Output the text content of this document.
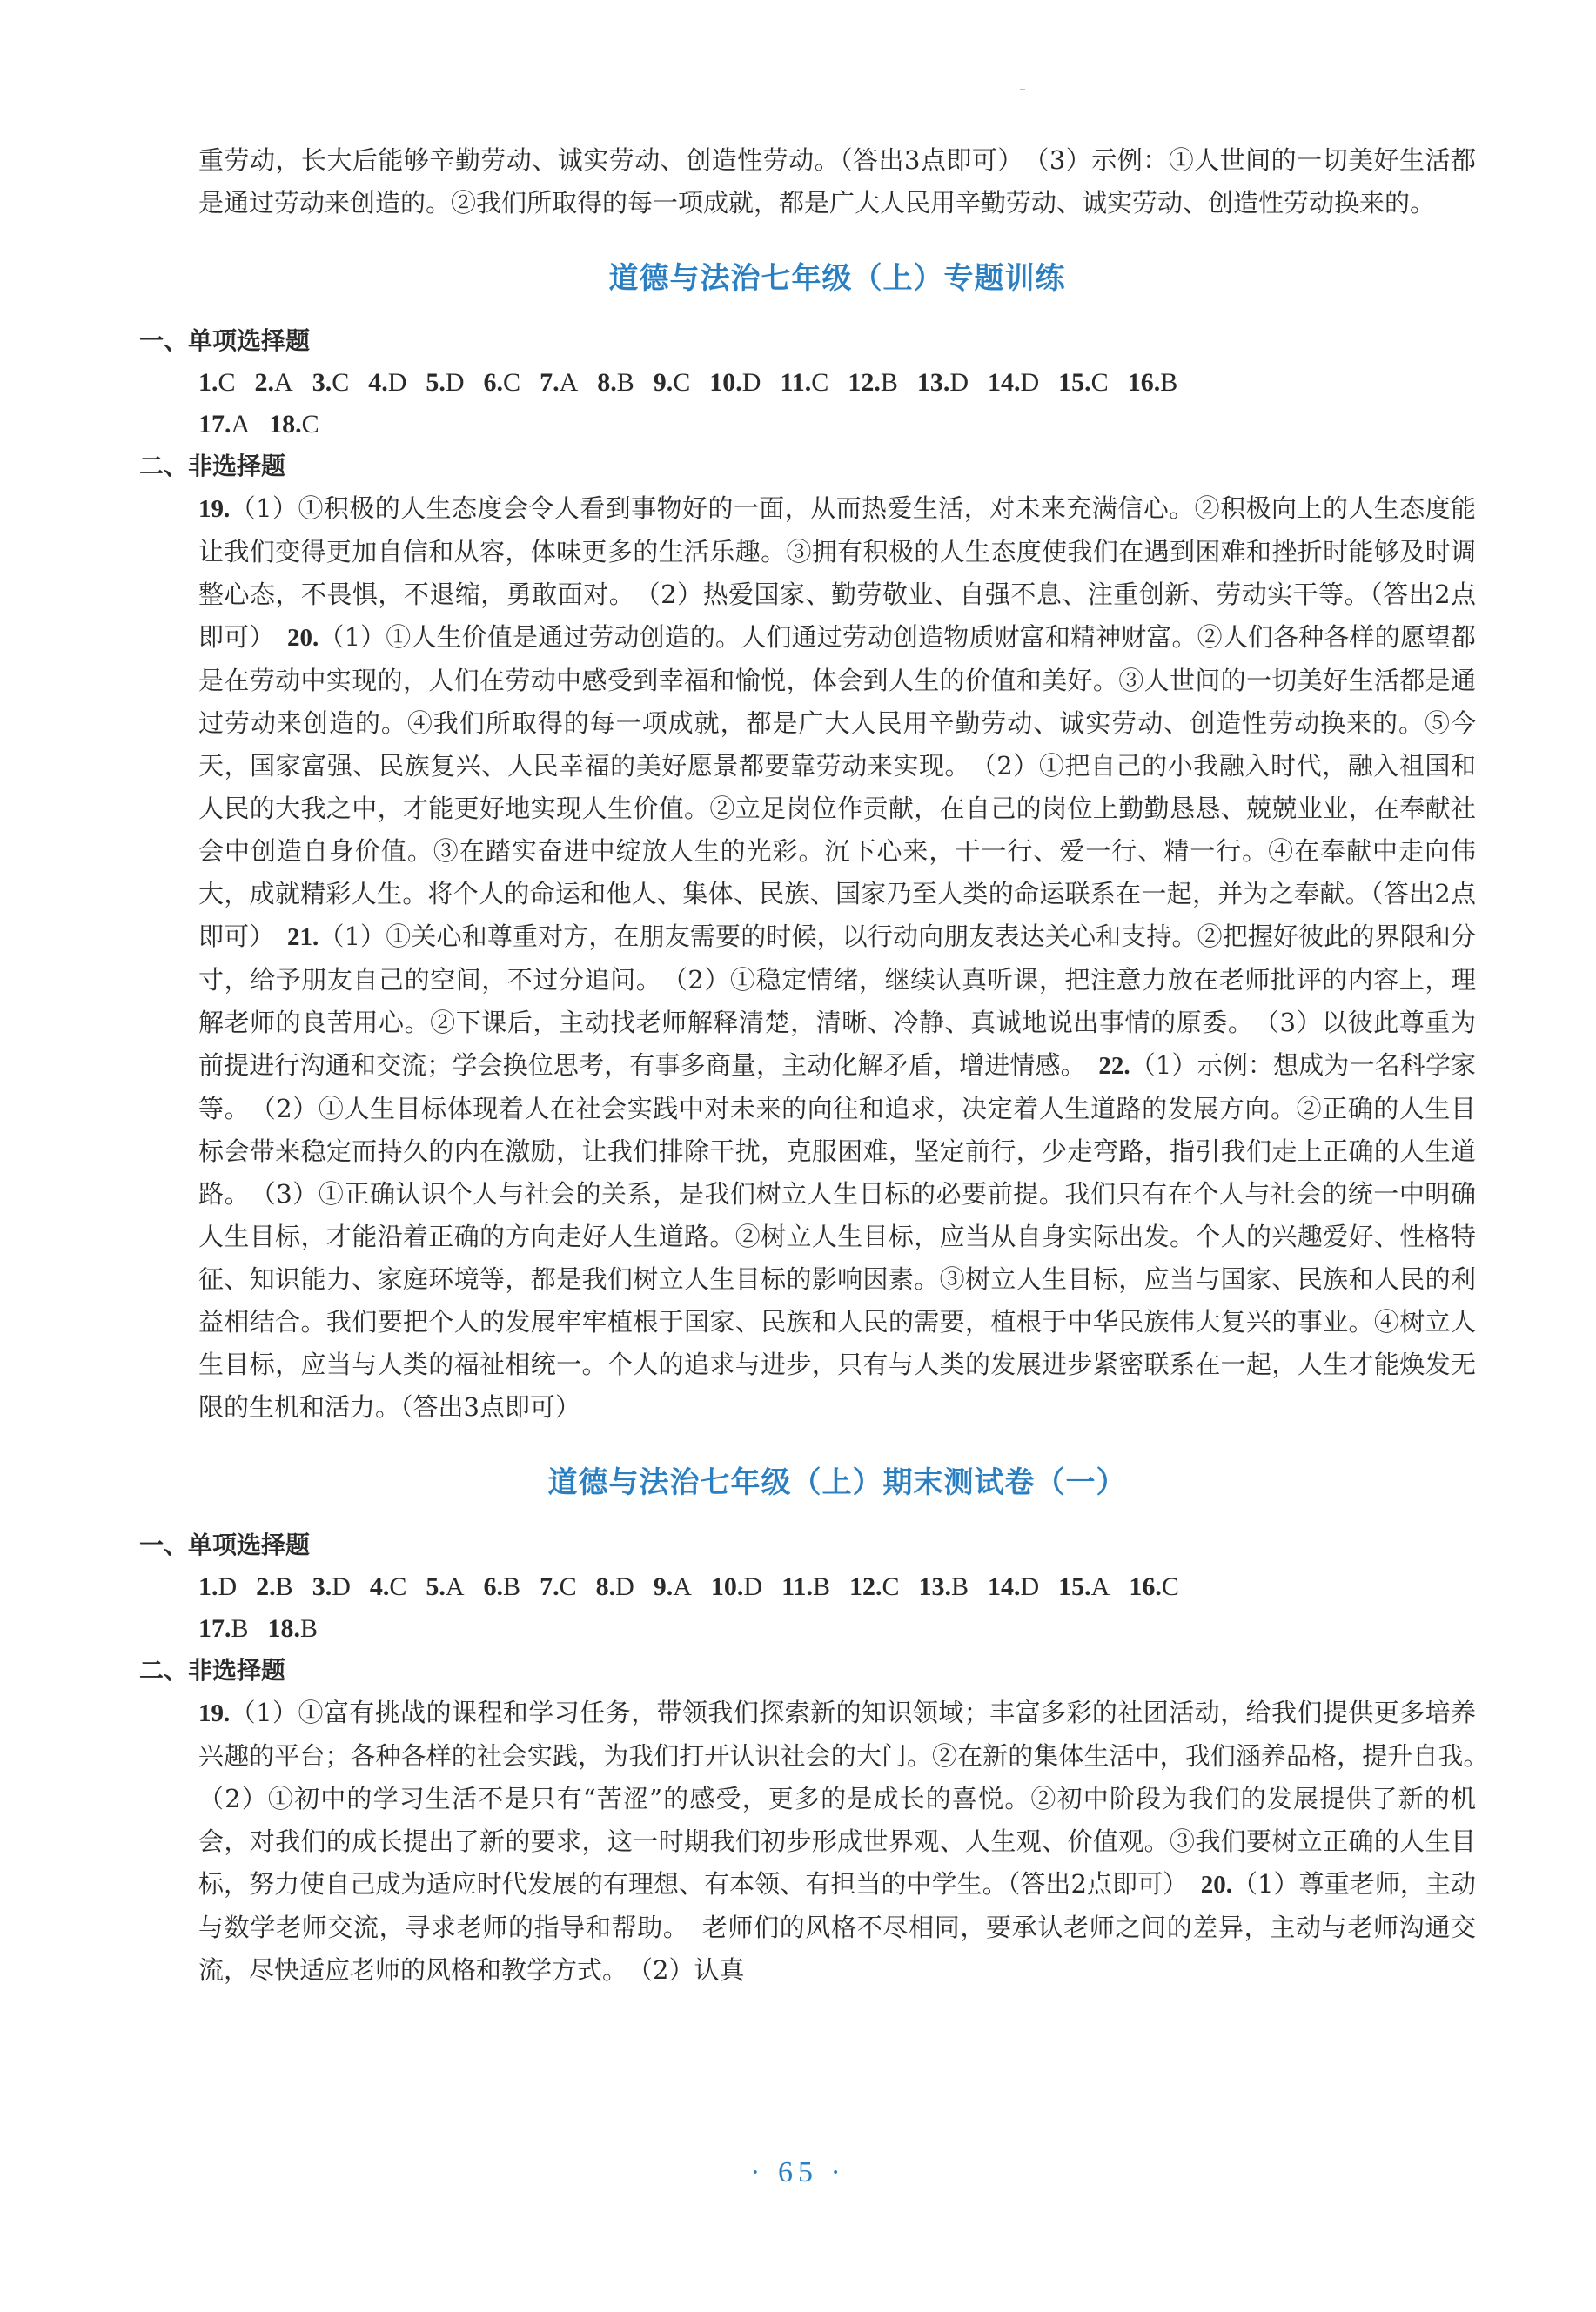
重劳动，长大后能够辛勤劳动、诚实劳动、创造性劳动。（答出3点即可）　（3）示例：①人世间的一切美好生活都是通过劳动来创造的。②我们所取得的每一项成就，都是广大人民用辛勤劳动、诚实劳动、创造性劳动换来的。

道德与法治七年级（上）专题训练
一、单项选择题
1.C 2.A 3.C 4.D 5.D 6.C 7.A 8.B 9.C 10.D 11.C 12.B 13.D 14.D 15.C 16.B
17.A 18.C
二、非选择题

19.（1）①积极的人生态度会令人看到事物好的一面，从而热爱生活，对未来充满信心。②积极向上的人生态度能让我们变得更加自信和从容，体味更多的生活乐趣。③拥有积极的人生态度使我们在遇到困难和挫折时能够及时调整心态，不畏惧，不退缩，勇敢面对。　（2）热爱国家、勤劳敬业、自强不息、注重创新、劳动实干等。（答出2点即可）　20.（1）①人生价值是通过劳动创造的。人们通过劳动创造物质财富和精神财富。②人们各种各样的愿望都是在劳动中实现的，人们在劳动中感受到幸福和愉悦，体会到人生的价值和美好。③人世间的一切美好生活都是通过劳动来创造的。④我们所取得的每一项成就，都是广大人民用辛勤劳动、诚实劳动、创造性劳动换来的。⑤今天，国家富强、民族复兴、人民幸福的美好愿景都要靠劳动来实现。　（2）①把自己的小我融入时代，融入祖国和人民的大我之中，才能更好地实现人生价值。②立足岗位作贡献，在自己的岗位上勤勤恳恳、兢兢业业，在奉献社会中创造自身价值。③在踏实奋进中绽放人生的光彩。沉下心来，干一行、爱一行、精一行。④在奉献中走向伟大，成就精彩人生。将个人的命运和他人、集体、民族、国家乃至人类的命运联系在一起，并为之奉献。（答出2点即可）　21.（1）①关心和尊重对方，在朋友需要的时候，以行动向朋友表达关心和支持。②把握好彼此的界限和分寸，给予朋友自己的空间，不过分追问。　（2）①稳定情绪，继续认真听课，把注意力放在老师批评的内容上，理解老师的良苦用心。②下课后，主动找老师解释清楚，清晰、冷静、真诚地说出事情的原委。　（3）以彼此尊重为前提进行沟通和交流；学会换位思考，有事多商量，主动化解矛盾，增进情感。　22.（1）示例：想成为一名科学家等。　（2）①人生目标体现着人在社会实践中对未来的向往和追求，决定着人生道路的发展方向。②正确的人生目标会带来稳定而持久的内在激励，让我们排除干扰，克服困难，坚定前行，少走弯路，指引我们走上正确的人生道路。　（3）①正确认识个人与社会的关系，是我们树立人生目标的必要前提。我们只有在个人与社会的统一中明确人生目标，才能沿着正确的方向走好人生道路。②树立人生目标，应当从自身实际出发。个人的兴趣爱好、性格特征、知识能力、家庭环境等，都是我们树立人生目标的影响因素。③树立人生目标，应当与国家、民族和人民的利益相结合。我们要把个人的发展牢牢植根于国家、民族和人民的需要，植根于中华民族伟大复兴的事业。④树立人生目标，应当与人类的福祉相统一。个人的追求与进步，只有与人类的发展进步紧密联系在一起，人生才能焕发无限的生机和活力。（答出3点即可）

道德与法治七年级（上）期末测试卷（一）
一、单项选择题
1.D 2.B 3.D 4.C 5.A 6.B 7.C 8.D 9.A 10.D 11.B 12.C 13.B 14.D 15.A 16.C
17.B 18.B
二、非选择题

19.（1）①富有挑战的课程和学习任务，带领我们探索新的知识领域；丰富多彩的社团活动，给我们提供更多培养兴趣的平台；各种各样的社会实践，为我们打开认识社会的大门。②在新的集体生活中，我们涵养品格，提升自我。　（2）①初中的学习生活不是只有“苦涩”的感受，更多的是成长的喜悦。②初中阶段为我们的发展提供了新的机会，对我们的成长提出了新的要求，这一时期我们初步形成世界观、人生观、价值观。③我们要树立正确的人生目标，努力使自己成为适应时代发展的有理想、有本领、有担当的中学生。（答出2点即可）　20.（1）尊重老师，主动与数学老师交流，寻求老师的指导和帮助。　老师们的风格不尽相同，要承认老师之间的差异，主动与老师沟通交流，尽快适应老师的风格和教学方式。　（2）认真

· 65 ·
